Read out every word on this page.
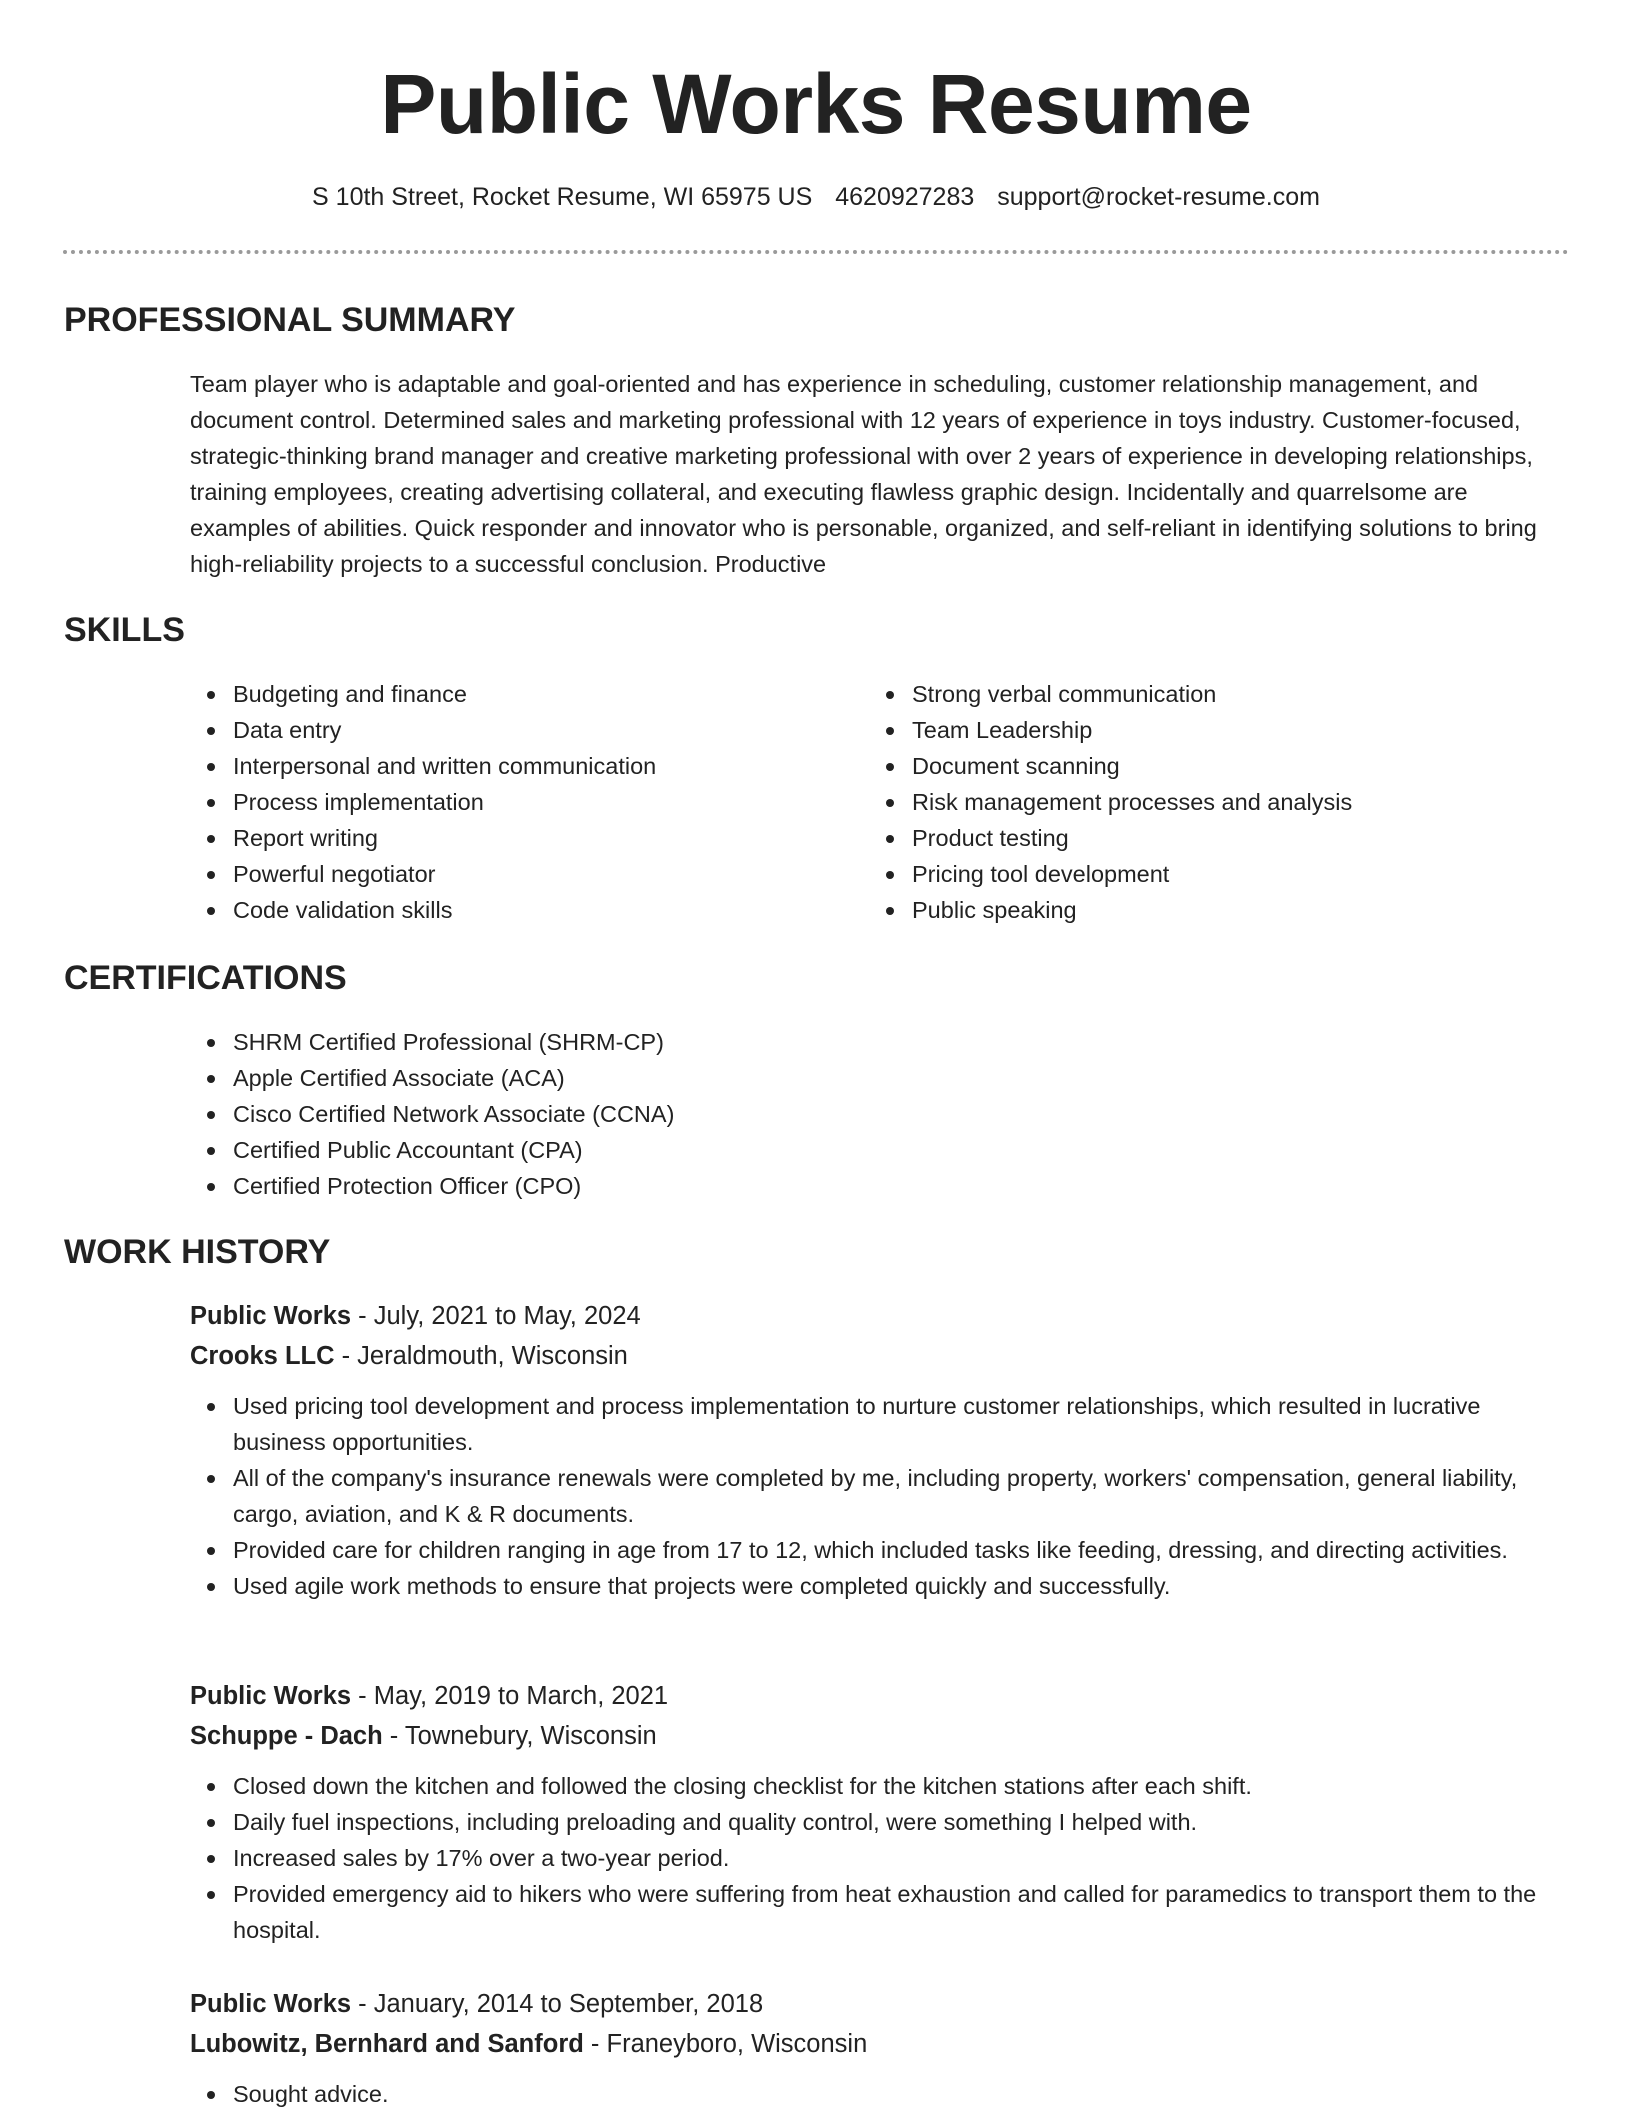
Public Works Resume
S 10th Street, Rocket Resume, WI 65975 US 4620927283 support@rocket-resume.com
PROFESSIONAL SUMMARY
Team player who is adaptable and goal-oriented and has experience in scheduling, customer relationship management, and document control. Determined sales and marketing professional with 12 years of experience in toys industry. Customer-focused, strategic-thinking brand manager and creative marketing professional with over 2 years of experience in developing relationships, training employees, creating advertising collateral, and executing flawless graphic design. Incidentally and quarrelsome are examples of abilities. Quick responder and innovator who is personable, organized, and self-reliant in identifying solutions to bring high-reliability projects to a successful conclusion. Productive
SKILLS
Budgeting and finance
Data entry
Interpersonal and written communication
Process implementation
Report writing
Powerful negotiator
Code validation skills
Strong verbal communication
Team Leadership
Document scanning
Risk management processes and analysis
Product testing
Pricing tool development
Public speaking
CERTIFICATIONS
SHRM Certified Professional (SHRM-CP)
Apple Certified Associate (ACA)
Cisco Certified Network Associate (CCNA)
Certified Public Accountant (CPA)
Certified Protection Officer (CPO)
WORK HISTORY
Public Works - July, 2021 to May, 2024
Crooks LLC - Jeraldmouth, Wisconsin
Used pricing tool development and process implementation to nurture customer relationships, which resulted in lucrative business opportunities.
All of the company's insurance renewals were completed by me, including property, workers' compensation, general liability, cargo, aviation, and K & R documents.
Provided care for children ranging in age from 17 to 12, which included tasks like feeding, dressing, and directing activities.
Used agile work methods to ensure that projects were completed quickly and successfully.
Public Works - May, 2019 to March, 2021
Schuppe - Dach - Townebury, Wisconsin
Closed down the kitchen and followed the closing checklist for the kitchen stations after each shift.
Daily fuel inspections, including preloading and quality control, were something I helped with.
Increased sales by 17% over a two-year period.
Provided emergency aid to hikers who were suffering from heat exhaustion and called for paramedics to transport them to the hospital.
Public Works - January, 2014 to September, 2018
Lubowitz, Bernhard and Sanford - Franeyboro, Wisconsin
Sought advice.
